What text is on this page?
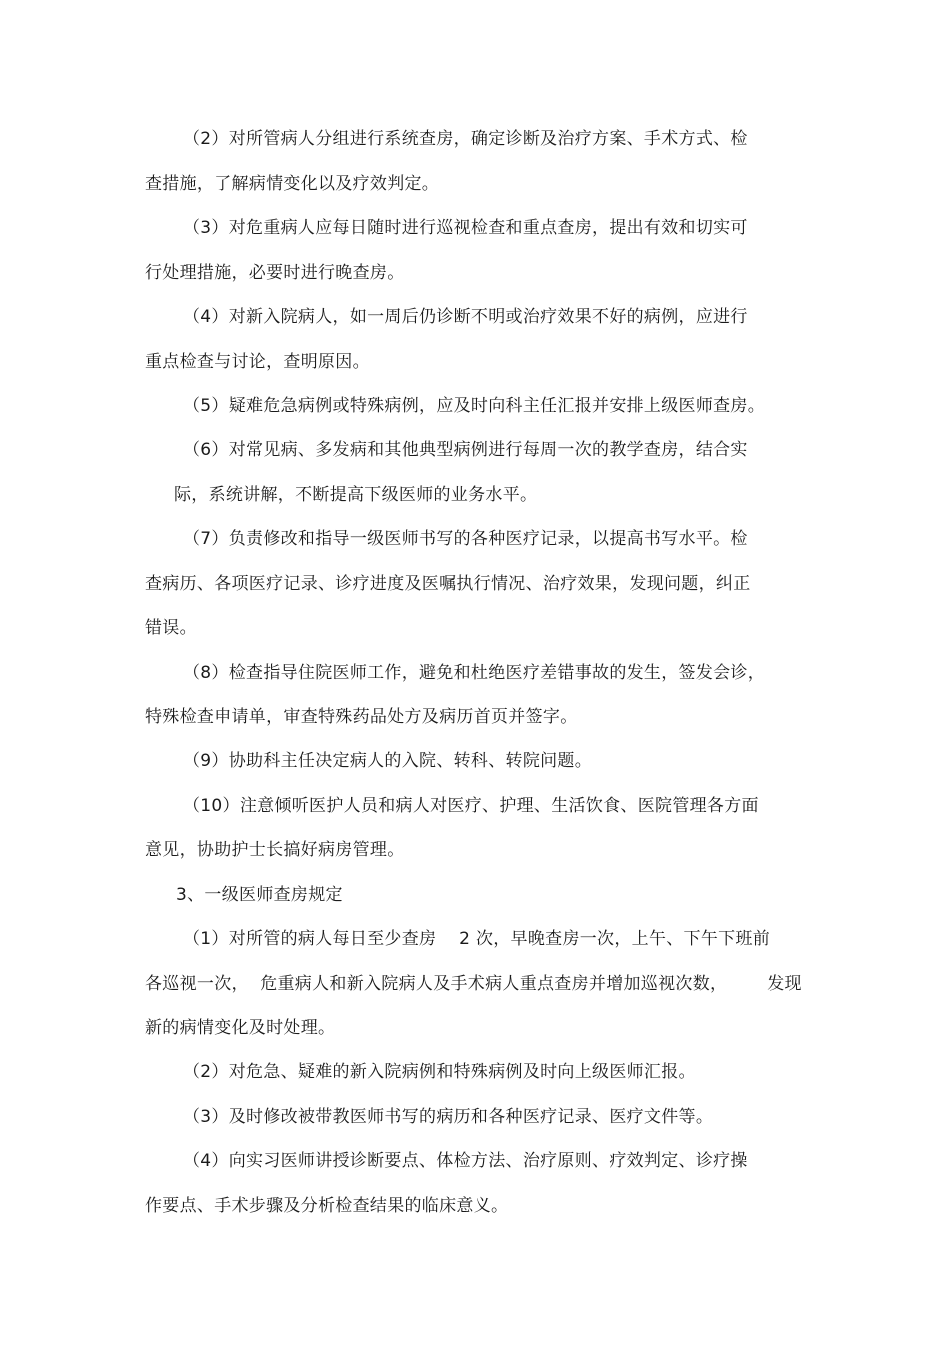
（2）对所管病人分组进行系统查房，确定诊断及治疗方案、手术方式、检
查措施，了解病情变化以及疗效判定。
（3）对危重病人应每日随时进行巡视检查和重点查房，提出有效和切实可
行处理措施，必要时进行晚查房。
（4）对新入院病人，如一周后仍诊断不明或治疗效果不好的病例，应进行
重点检查与讨论，查明原因。
（5）疑难危急病例或特殊病例，应及时向科主任汇报并安排上级医师查房。
（6）对常见病、多发病和其他典型病例进行每周一次的教学查房，结合实
际，系统讲解，不断提高下级医师的业务水平。
（7）负责修改和指导一级医师书写的各种医疗记录，以提高书写水平。检
查病历、各项医疗记录、诊疗进度及医嘱执行情况、治疗效果，发现问题，纠正
错误。
（8）检查指导住院医师工作，避免和杜绝医疗差错事故的发生，签发会诊，
特殊检查申请单，审查特殊药品处方及病历首页并签字。
（9）协助科主任决定病人的入院、转科、转院问题。
（10）注意倾听医护人员和病人对医疗、护理、生活饮食、医院管理各方面
意见，协助护士长搞好病房管理。
3、一级医师查房规定
（1）对所管的病人每日至少查房    2 次，早晚查房一次，上午、下午下班前
各巡视一次，  危重病人和新入院病人及手术病人重点查房并增加巡视次数，       发现
新的病情变化及时处理。
（2）对危急、疑难的新入院病例和特殊病例及时向上级医师汇报。
（3）及时修改被带教医师书写的病历和各种医疗记录、医疗文件等。
（4）向实习医师讲授诊断要点、体检方法、治疗原则、疗效判定、诊疗操
作要点、手术步骤及分析检查结果的临床意义。
